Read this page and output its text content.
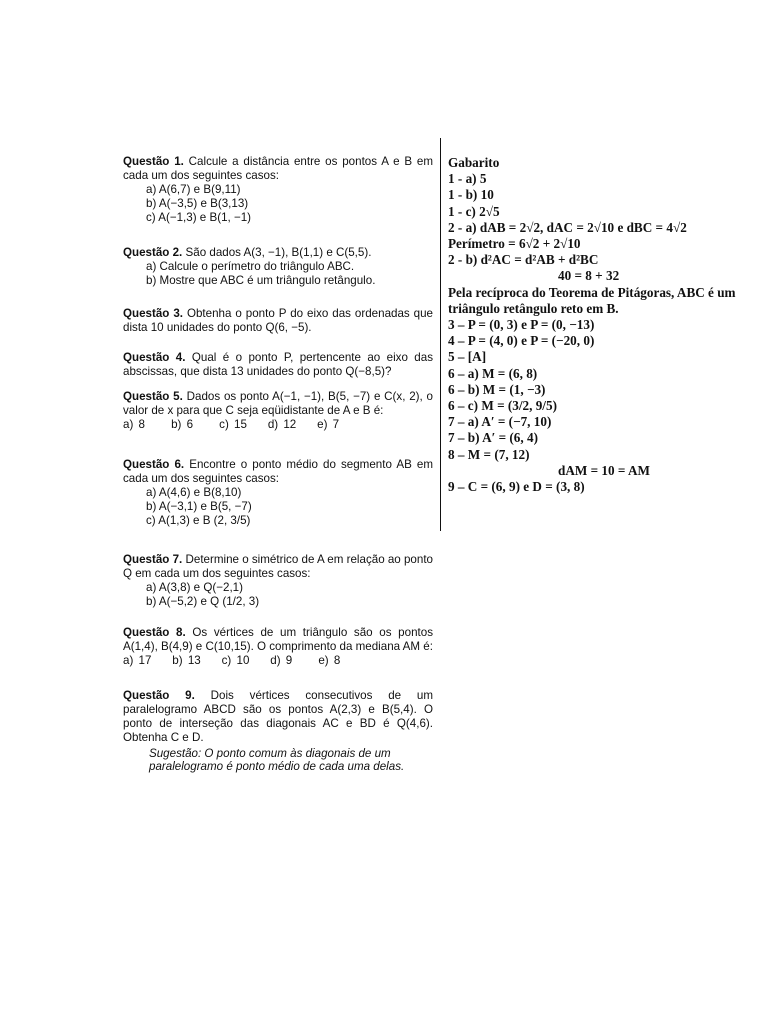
Questão 1. Calcule a distância entre os pontos A e B em cada um dos seguintes casos:

a) A(6,7) e B(9,11)

b) A(−3,5) e B(3,13)

c) A(−1,3) e B(1, −1)

Questão 2. São dados A(3, −1), B(1,1) e C(5,5).

a) Calcule o perímetro do triângulo ABC.

b) Mostre que ABC é um triângulo retângulo.

Questão 3. Obtenha o ponto P do eixo das ordenadas que dista 10 unidades do ponto Q(6, −5).

Questão 4. Qual é o ponto P, pertencente ao eixo das abscissas, que dista 13 unidades do ponto Q(−8,5)?

Questão 5. Dados os ponto A(−1, −1), B(5, −7) e C(x, 2), o valor de x para que C seja eqüidistante de A e B é:

a) 8     b) 6     c) 15    d) 12    e) 7

Questão 6. Encontre o ponto médio do segmento AB em cada um dos seguintes casos:

a) A(4,6) e B(8,10)

b) A(−3,1) e B(5, −7)

c) A(1,3) e B (2, 3/5)

Questão 7. Determine o simétrico de A em relação ao ponto Q em cada um dos seguintes casos:

a) A(3,8) e Q(−2,1)

b) A(−5,2) e Q (1/2, 3)

Questão 8. Os vértices de um triângulo são os pontos A(1,4), B(4,9) e C(10,15). O comprimento da mediana AM é:

a) 17    b) 13    c) 10    d) 9     e) 8

Questão 9. Dois vértices consecutivos de um paralelogramo ABCD são os pontos A(2,3) e B(5,4). O ponto de interseção das diagonais AC e BD é Q(4,6). Obtenha C e D.

Sugestão: O ponto comum às diagonais de um paralelogramo é ponto médio de cada uma delas.

Gabarito

1 - a) 5

1 - b) 10

1 - c) 2√5

2 - a) dAB = 2√2, dAC = 2√10 e dBC = 4√2

Perímetro = 6√2 + 2√10

2 - b) d²AC = d²AB + d²BC

40 = 8 + 32

Pela recíproca do Teorema de Pitágoras, ABC é um triângulo retângulo reto em B.

3 – P = (0, 3) e P = (0, −13)

4 – P = (4, 0) e P = (−20, 0)

5 – [A]

6 – a) M = (6, 8)

6 – b) M = (1, −3)

6 – c) M = (3/2, 9/5)

7 – a) A′ = (−7, 10)

7 – b) A′ = (6, 4)

8 – M = (7, 12)

dAM = 10 = AM

9 – C = (6, 9) e D = (3, 8)
